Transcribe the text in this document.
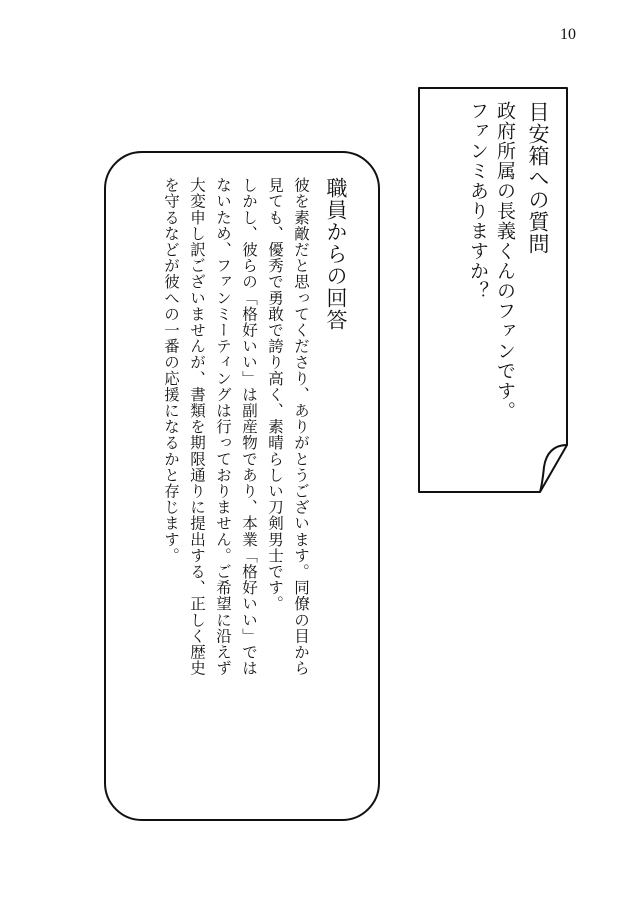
10

目安箱への質問

政府所属の長義くんのファンです。
ファンミありますか？

職員からの回答

彼を素敵だと思ってくださり、ありがとうございます。同僚の目から
見ても、優秀で勇敢で誇り高く、素晴らしい刀剣男士です。
しかし、彼らの「格好いい」は副産物であり、本業「格好いい」では
ないため、ファンミーティングは行っておりません。ご希望に沿えず
大変申し訳ございませんが、書類を期限通りに提出する、正しく歴史
を守るなどが彼への一番の応援になるかと存じます。
